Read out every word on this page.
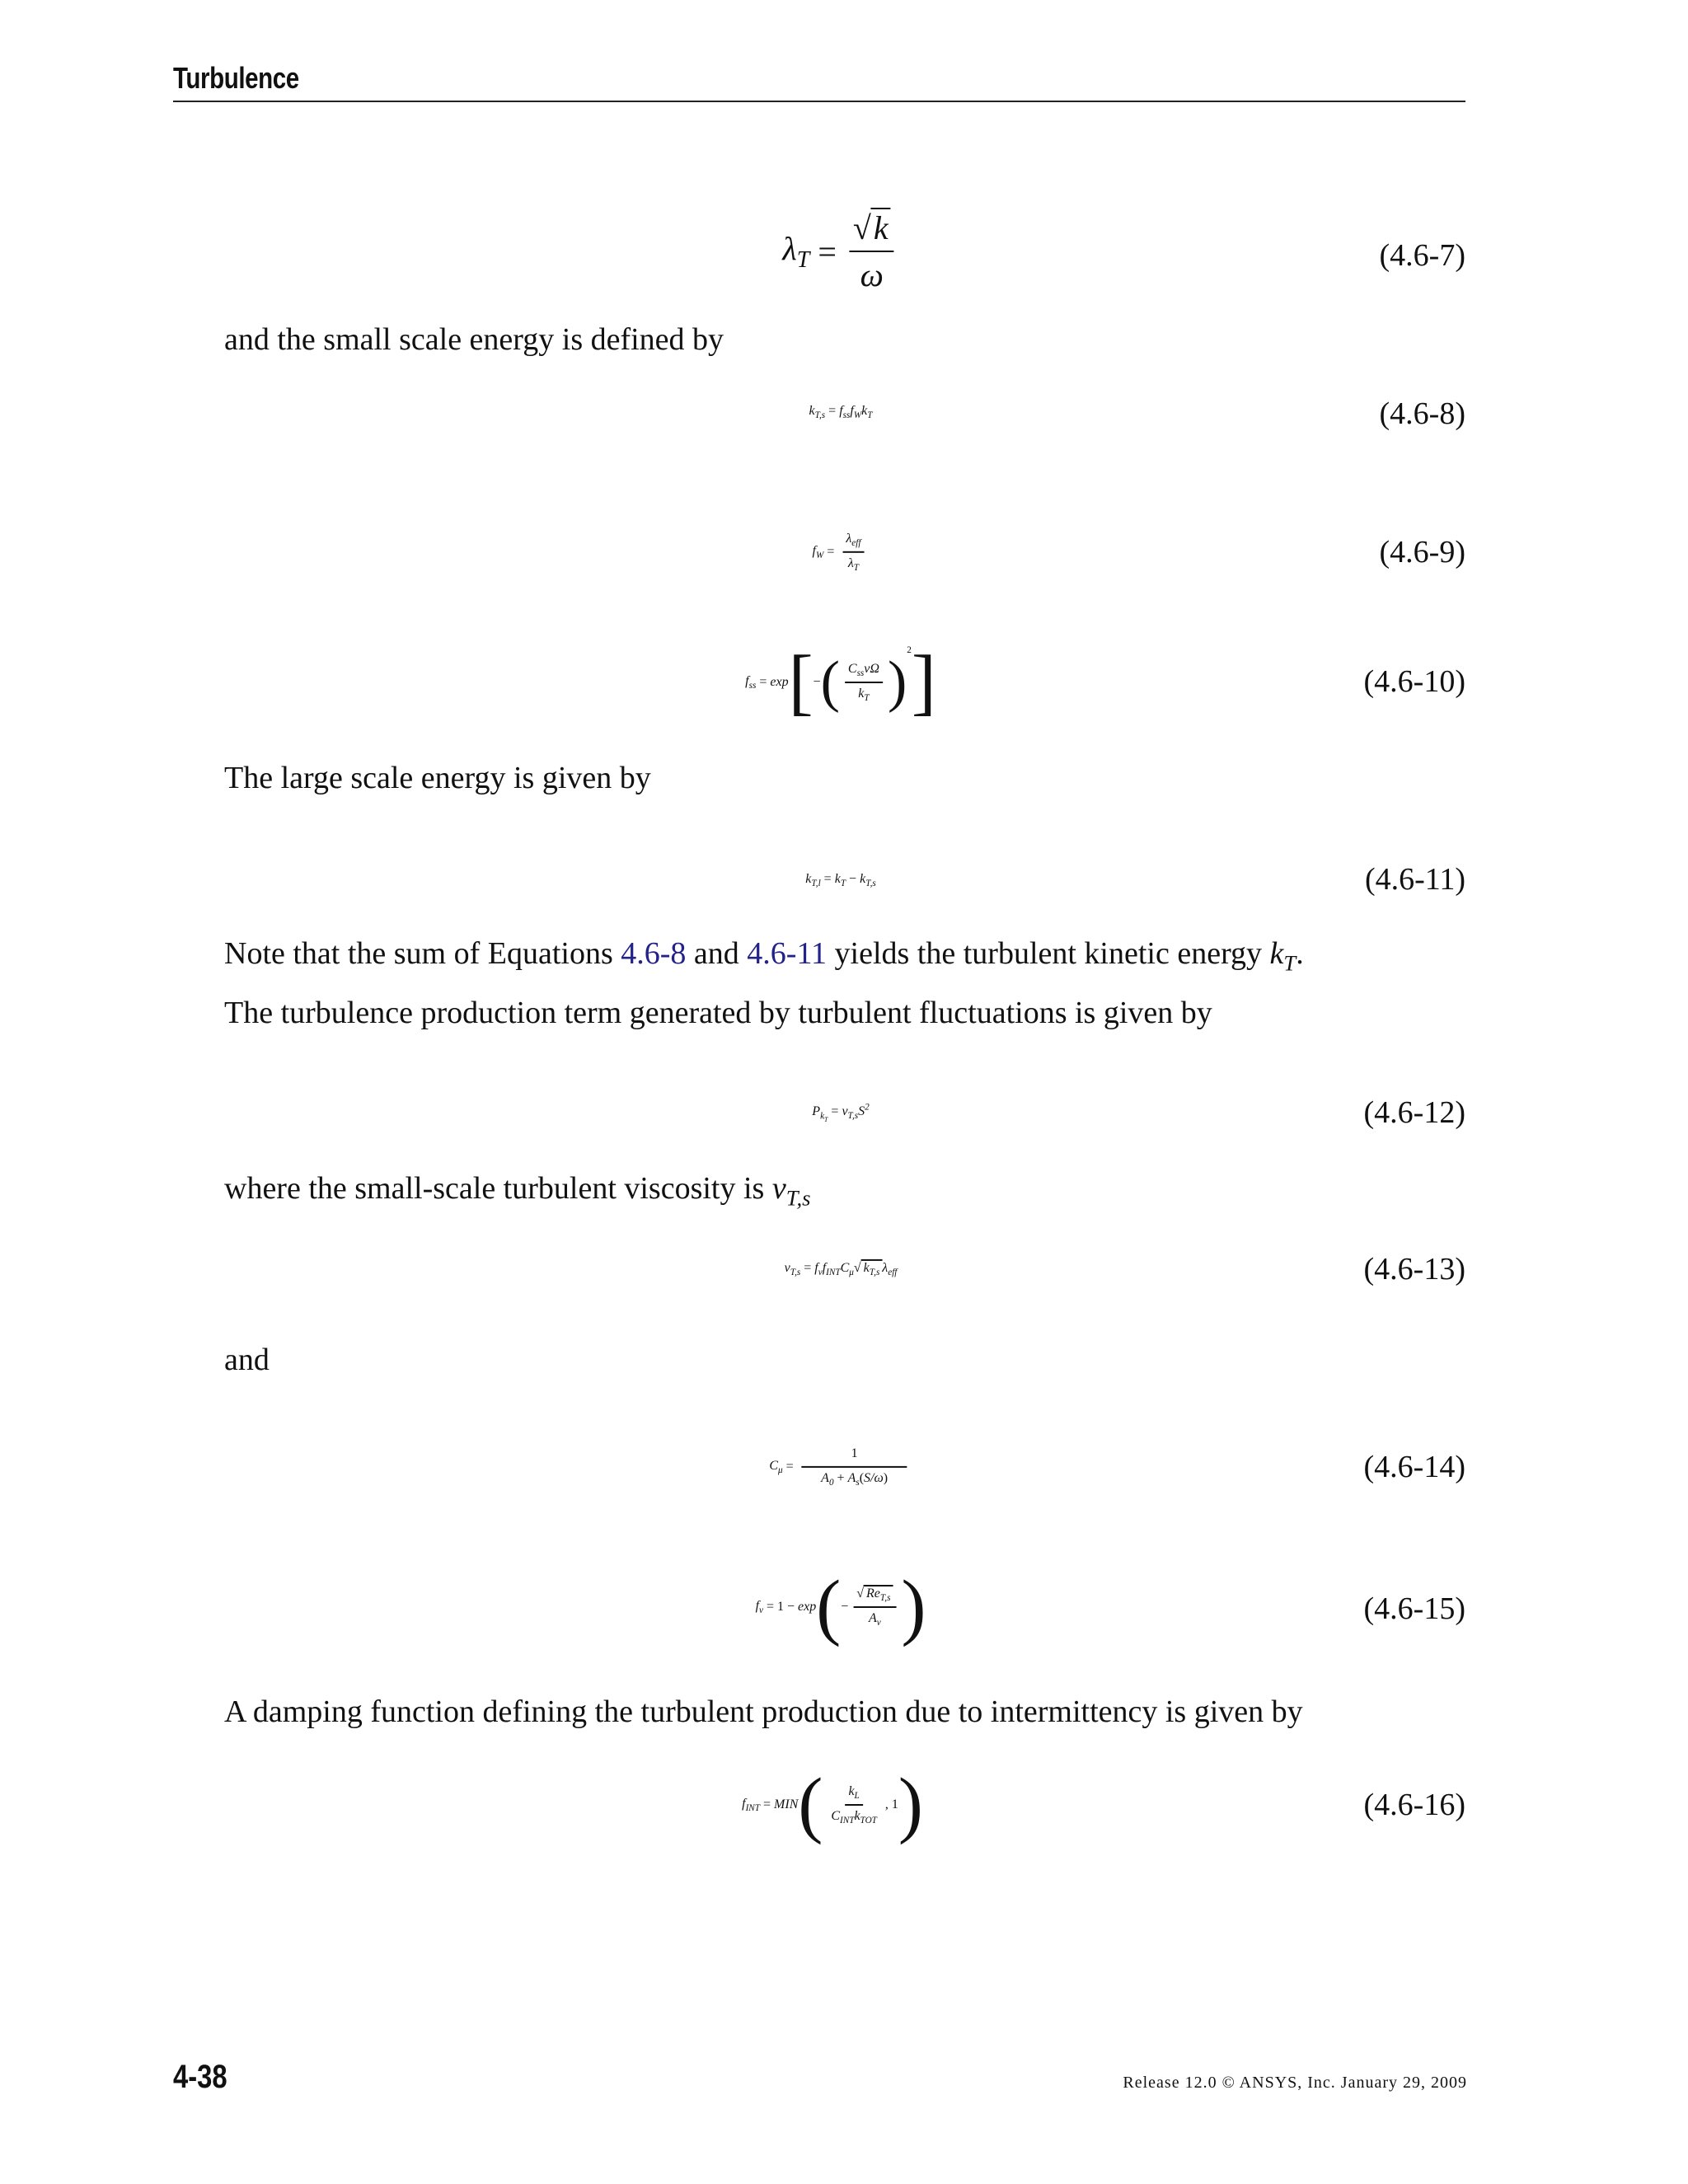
Turbulence
$\lambda_T = \frac{√k}{\omega}$	(4.6-7)
and the small scale energy is defined by
$k_{T,s} = f_{ss}f_Wk_T$	(4.6-8)
$f_W = \frac{\lambda_{eff}}{\lambda_T}$	(4.6-9)
$f_{ss} = \exp$ [ − ( $\frac{C_{ss}\nu\Omega}{k_T} )^2$ ]	(4.6-10)
The large scale energy is given by
$k_{T,l} = k_T - k_{T,s}$	(4.6-11)
Note that the sum of Equations 4.6-8 and 4.6-11 yields the turbulent kinetic energy $k_T$.
The turbulence production term generated by turbulent fluctuations is given by
$P_{k_T} = \nu_{T,s}S^2$	(4.6-12)
where the small-scale turbulent viscosity is $\nu_{T,s}$
$\nu_{T,s} = f_\nu f_{INT}C_\mu$ √ $k_{T,s}$ $\lambda_{eff}$	(4.6-13)
and
$C_\mu = \frac{1}{A_0 + A_s(S/\omega)}$	(4.6-14)
$f_\nu = 1 - \exp$ ( − $\frac{√ Re_{T,s}}{A_\nu}$ )	(4.6-15)
A damping function defining the turbulent production due to intermittency is given by
$f_{INT}$ = MIN ( $\frac{k_L}{C_{INT}k_{TOT}}$ , 1 )	(4.6-16)
4-38	Release 12.0 © ANSYS, Inc. January 29, 2009
